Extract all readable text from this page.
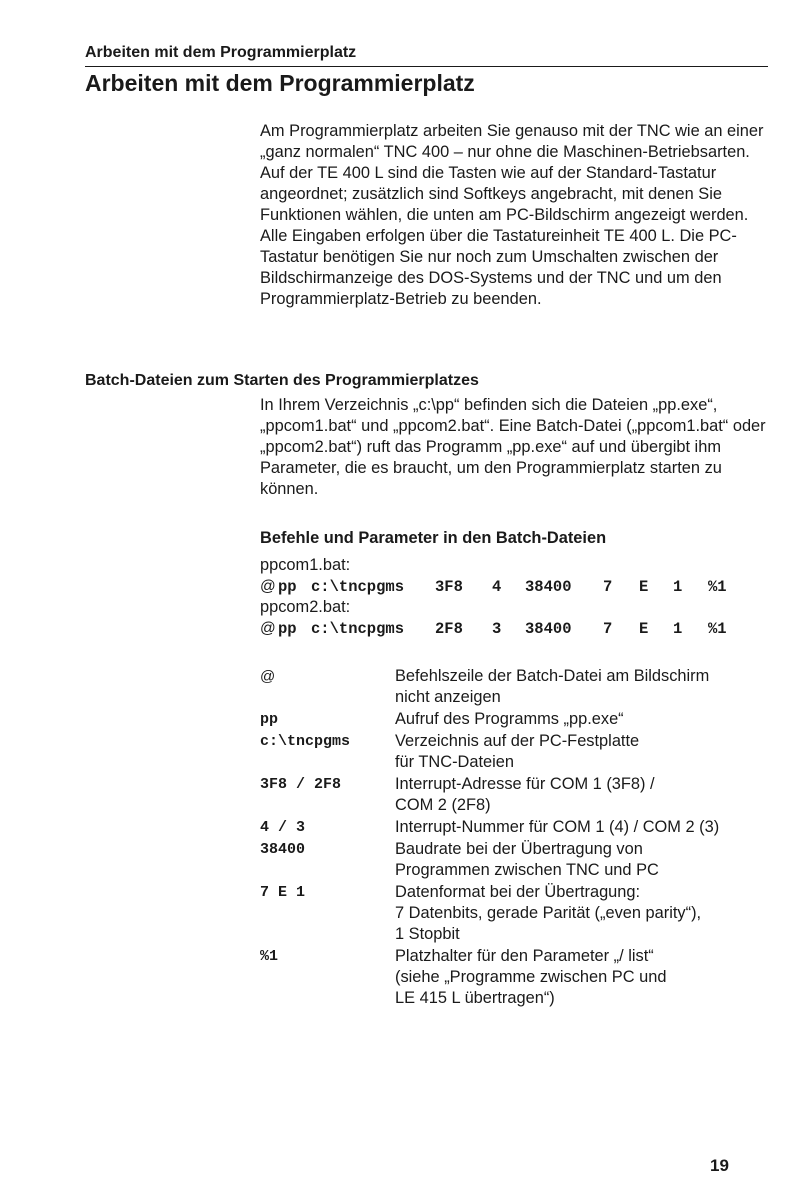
Arbeiten mit dem Programmierplatz
Arbeiten mit dem Programmierplatz

Am Programmierplatz arbeiten Sie genauso mit der TNC wie an einer „ganz normalen“ TNC 400 – nur ohne die Maschinen-Betriebsarten. Auf der TE 400 L sind die Tasten wie auf der Standard-Tastatur angeordnet; zusätzlich sind Softkeys angebracht, mit denen Sie Funktionen wählen, die unten am PC-Bildschirm angezeigt werden.

Alle Eingaben erfolgen über die Tastatureinheit TE 400 L. Die PC-Tastatur benötigen Sie nur noch zum Umschalten zwischen der Bildschirmanzeige des DOS-Systems und der TNC und um den Programmierplatz-Betrieb zu beenden.

Batch-Dateien zum Starten des Programmierplatzes

In Ihrem Verzeichnis „c:\pp“ befinden sich die Dateien „pp.exe“, „ppcom1.bat“ und „ppcom2.bat“. Eine Batch-Datei („ppcom1.bat“ oder „ppcom2.bat“) ruft das Programm „pp.exe“ auf und übergibt ihm Parameter, die es braucht, um den Programmierplatz starten zu können.

Befehle und Parameter in den Batch-Dateien
ppcom1.bat:
@ pp c:\tncpgms 3F8 4 38400 7 E 1 %1
ppcom2.bat:
@ pp c:\tncpgms 2F8 3 38400 7 E 1 %1
@	Befehlszeile der Batch-Datei am Bildschirm
nicht anzeigen
pp	Aufruf des Programms „pp.exe“
c:\tncpgms	Verzeichnis auf der PC-Festplatte
für TNC-Dateien
3F8 / 2F8	Interrupt-Adresse für COM 1 (3F8) /
COM 2 (2F8)
4 / 3	Interrupt-Nummer für COM 1 (4) / COM 2 (3)
38400	Baudrate bei der Übertragung von
Programmen zwischen TNC und PC
7 E 1	Datenformat bei der Übertragung:
7 Datenbits, gerade Parität („even parity“),
1 Stopbit
%1	Platzhalter für den Parameter „/ list“
(siehe „Programme zwischen PC und
LE 415 L übertragen“)
19
